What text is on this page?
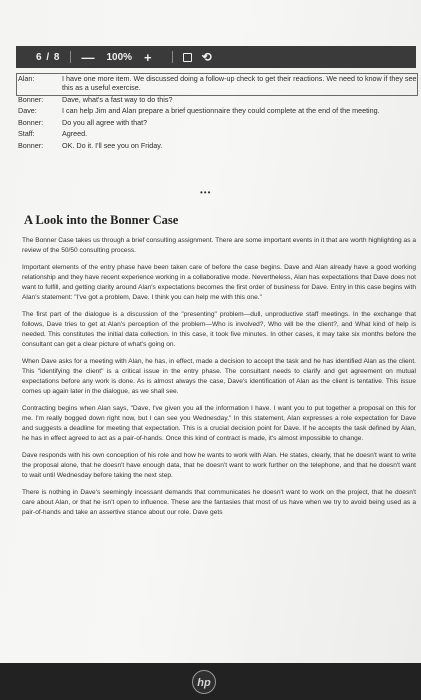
6 / 8 — 100% +	⟲
Alan:	I have one more item. We discussed doing a follow-up check to get their reactions. We need to know if they see this as a useful exercise.
Bonner:	Dave, what's a fast way to do this?
Dave:	I can help Jim and Alan prepare a brief questionnaire they could complete at the end of the meeting.
Bonner:	Do you all agree with that?
Staff:	Agreed.
Bonner:	OK. Do it. I'll see you on Friday.
•••
A Look into the Bonner Case

The Bonner Case takes us through a brief consulting assignment. There are some important events in it that are worth highlighting as a review of the 50/50 consulting process.

Important elements of the entry phase have been taken care of before the case begins. Dave and Alan already have a good working relationship and they have recent experience working in a collaborative mode. Nevertheless, Alan has expectations that Dave does not want to fulfill, and getting clarity around Alan's expectations becomes the first order of business for Dave. Entry in this case begins with Alan's statement: "I've got a problem, Dave. I think you can help me with this one."

The first part of the dialogue is a discussion of the "presenting" problem—dull, unproductive staff meetings. In the exchange that follows, Dave tries to get at Alan's perception of the problem—Who is involved?, Who will be the client?, and What kind of help is needed. This constitutes the initial data collection. In this case, it took five minutes. In other cases, it may take six months before the consultant can get a clear picture of what's going on.

When Dave asks for a meeting with Alan, he has, in effect, made a decision to accept the task and he has identified Alan as the client. This "identifying the client" is a critical issue in the entry phase. The consultant needs to clarify and get agreement on mutual expectations before any work is done. As is almost always the case, Dave's identification of Alan as the client is tentative. This issue comes up again later in the dialogue, as we shall see.

Contracting begins when Alan says, "Dave, I've given you all the information I have. I want you to put together a proposal on this for me. I'm really bogged down right now, but I can see you Wednesday." In this statement, Alan expresses a role expectation for Dave and suggests a deadline for meeting that expectation. This is a crucial decision point for Dave. If he accepts the task defined by Alan, he has in effect agreed to act as a pair-of-hands. Once this kind of contract is made, it's almost impossible to change.

Dave responds with his own conception of his role and how he wants to work with Alan. He states, clearly, that he doesn't want to write the proposal alone, that he doesn't have enough data, that he doesn't want to work further on the telephone, and that he doesn't want to wait until Wednesday before taking the next step.

There is nothing in Dave's seemingly incessant demands that communicates he doesn't want to work on the project, that he doesn't care about Alan, or that he isn't open to influence. These are the fantasies that most of us have when we try to avoid being used as a pair-of-hands and take an assertive stance about our role. Dave gets

hp
